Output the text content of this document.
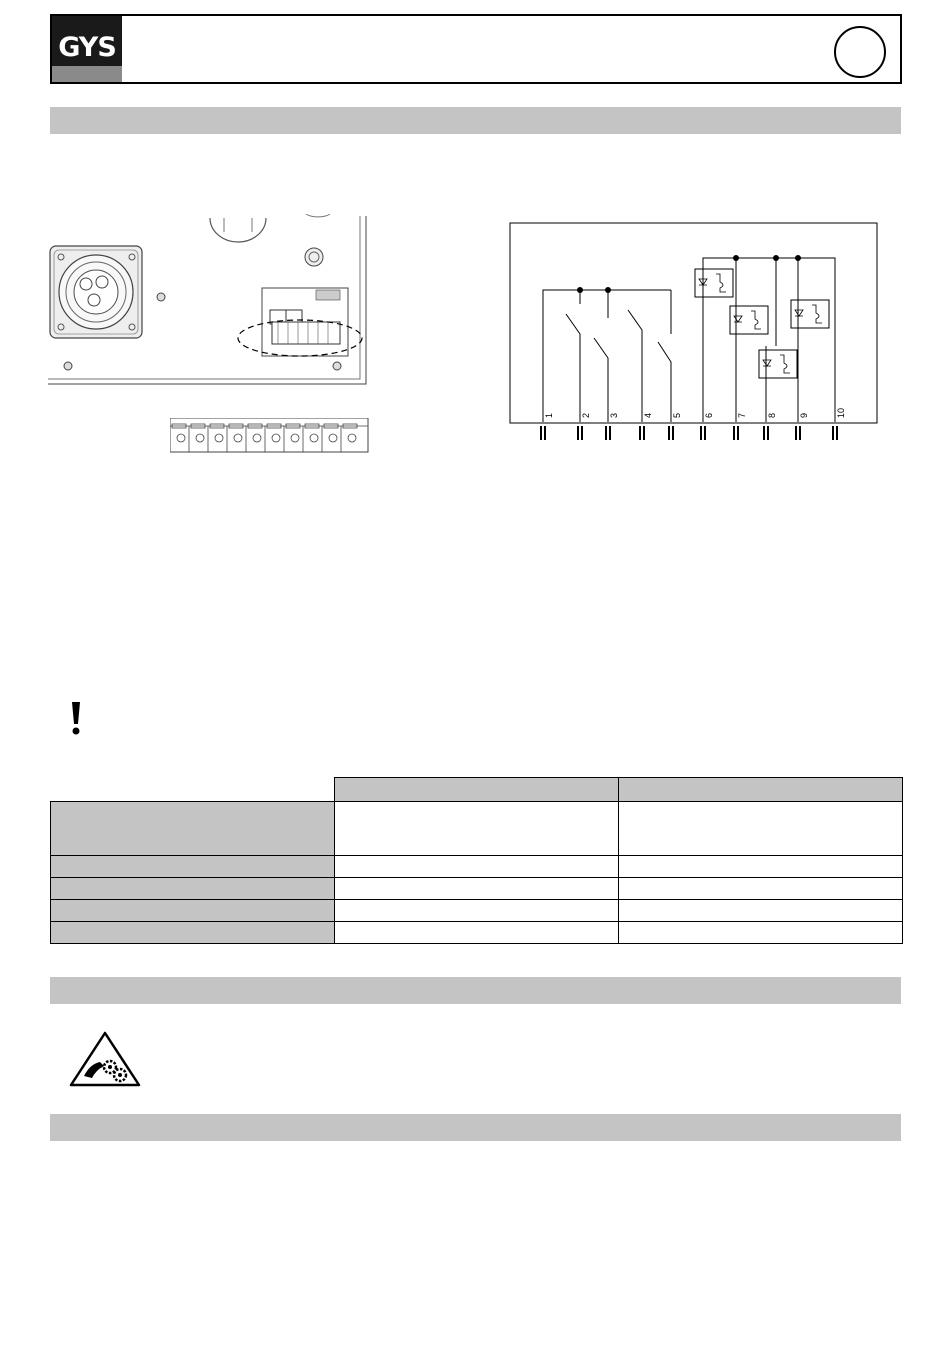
GYS
1	2 3	4 5 6	7 8 9	10
